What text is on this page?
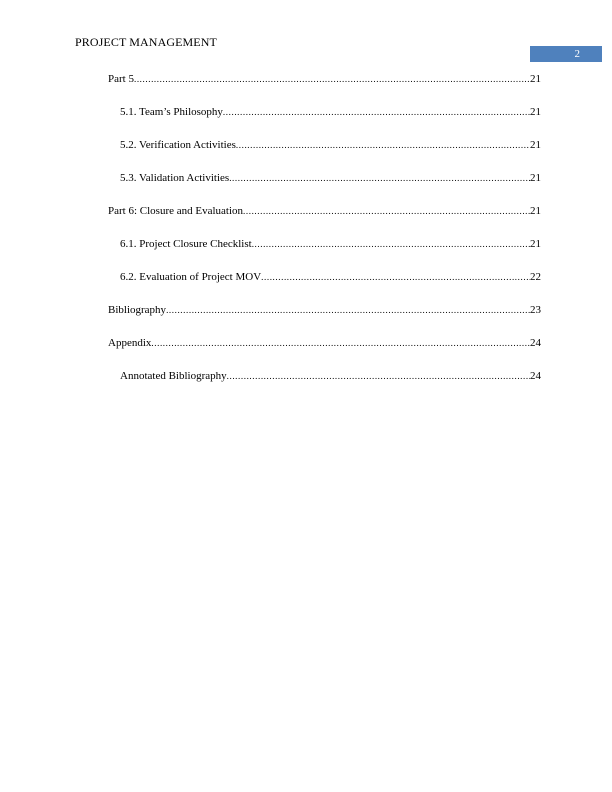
PROJECT MANAGEMENT
2
Part 5 .....	21
5.1. Team’s Philosophy .....	21
5.2. Verification Activities .....	21
5.3. Validation Activities .....	21
Part 6: Closure and Evaluation .....	21
6.1. Project Closure Checklist .....	21
6.2. Evaluation of Project MOV .....	22
Bibliography .....	23
Appendix .....	24
Annotated Bibliography .....	24
